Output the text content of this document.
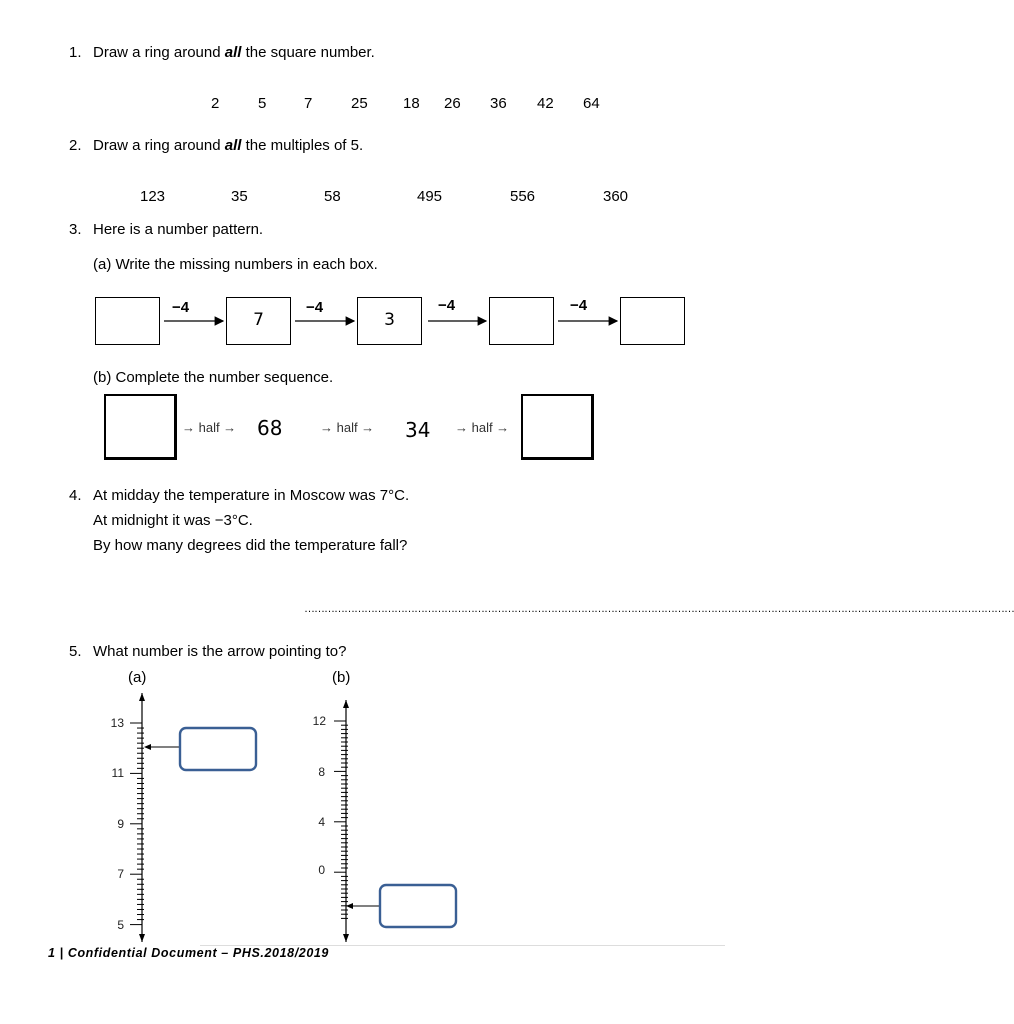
1. Draw a ring around all the square number.
2	5	7	25 18 26 36 42 64
2. Draw a ring around all the multiples of 5.
123	35	58	495	556	360
3. Here is a number pattern.
(a) Write the missing numbers in each box.
7	3
−4	−4	−4	−4
(b) Complete the number sequence.
→ half → 68	→ half → 34 → half →
4. At midday the temperature in Moscow was 7°C.
At midnight it was −3°C.
By how many degrees did the temperature fall?
……………………………………………………………………………………………………………………………………………………………………………………………
5. What number is the arrow pointing to?
(a)	(b)
13
11
9
7
5
12
8
4
0
1 | Confidential Document – PHS.2018/2019
